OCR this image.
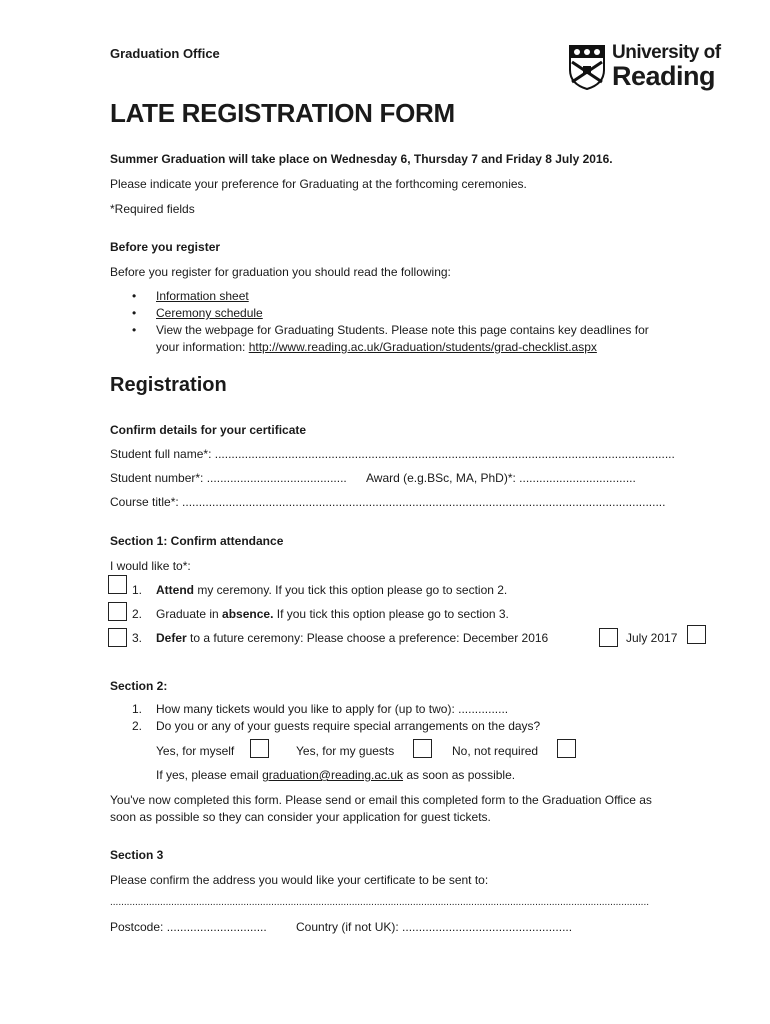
Graduation Office	University of
Reading
LATE REGISTRATION FORM
Summer Graduation will take place on Wednesday 6, Thursday 7 and Friday 8 July 2016.
Please indicate your preference for Graduating at the forthcoming ceremonies.
*Required fields
Before you register
Before you register for graduation you should read the following:
• Information sheet
• Ceremony schedule
• View the webpage for Graduating Students. Please note this page contains key deadlines for
your information: http://www.reading.ac.uk/Graduation/students/grad-checklist.aspx
Registration
Confirm details for your certificate
Student full name*: ..........................................................................................................................................
Student number*: .......................................... Award (e.g.BSc, MA, PhD)*: ...................................
Course title*: .................................................................................................................................................
Section 1: Confirm attendance
I would like to*:
1. Attend my ceremony. If you tick this option please go to section 2.
2. Graduate in absence. If you tick this option please go to section 3.
3. Defer to a future ceremony: Please choose a preference: December 2016	July 2017
Section 2:
1. How many tickets would you like to apply for (up to two): ...............
2. Do you or any of your guests require special arrangements on the days?
Yes, for myself	Yes, for my guests	No, not required
If yes, please email graduation@reading.ac.uk as soon as possible.
You've now completed this form. Please send or email this completed form to the Graduation Office as
soon as possible so they can consider your application for guest tickets.
Section 3
Please confirm the address you would like your certificate to be sent to:
..................................................................................................................................................................................................
Postcode: .............................. Country (if not UK): ...................................................
